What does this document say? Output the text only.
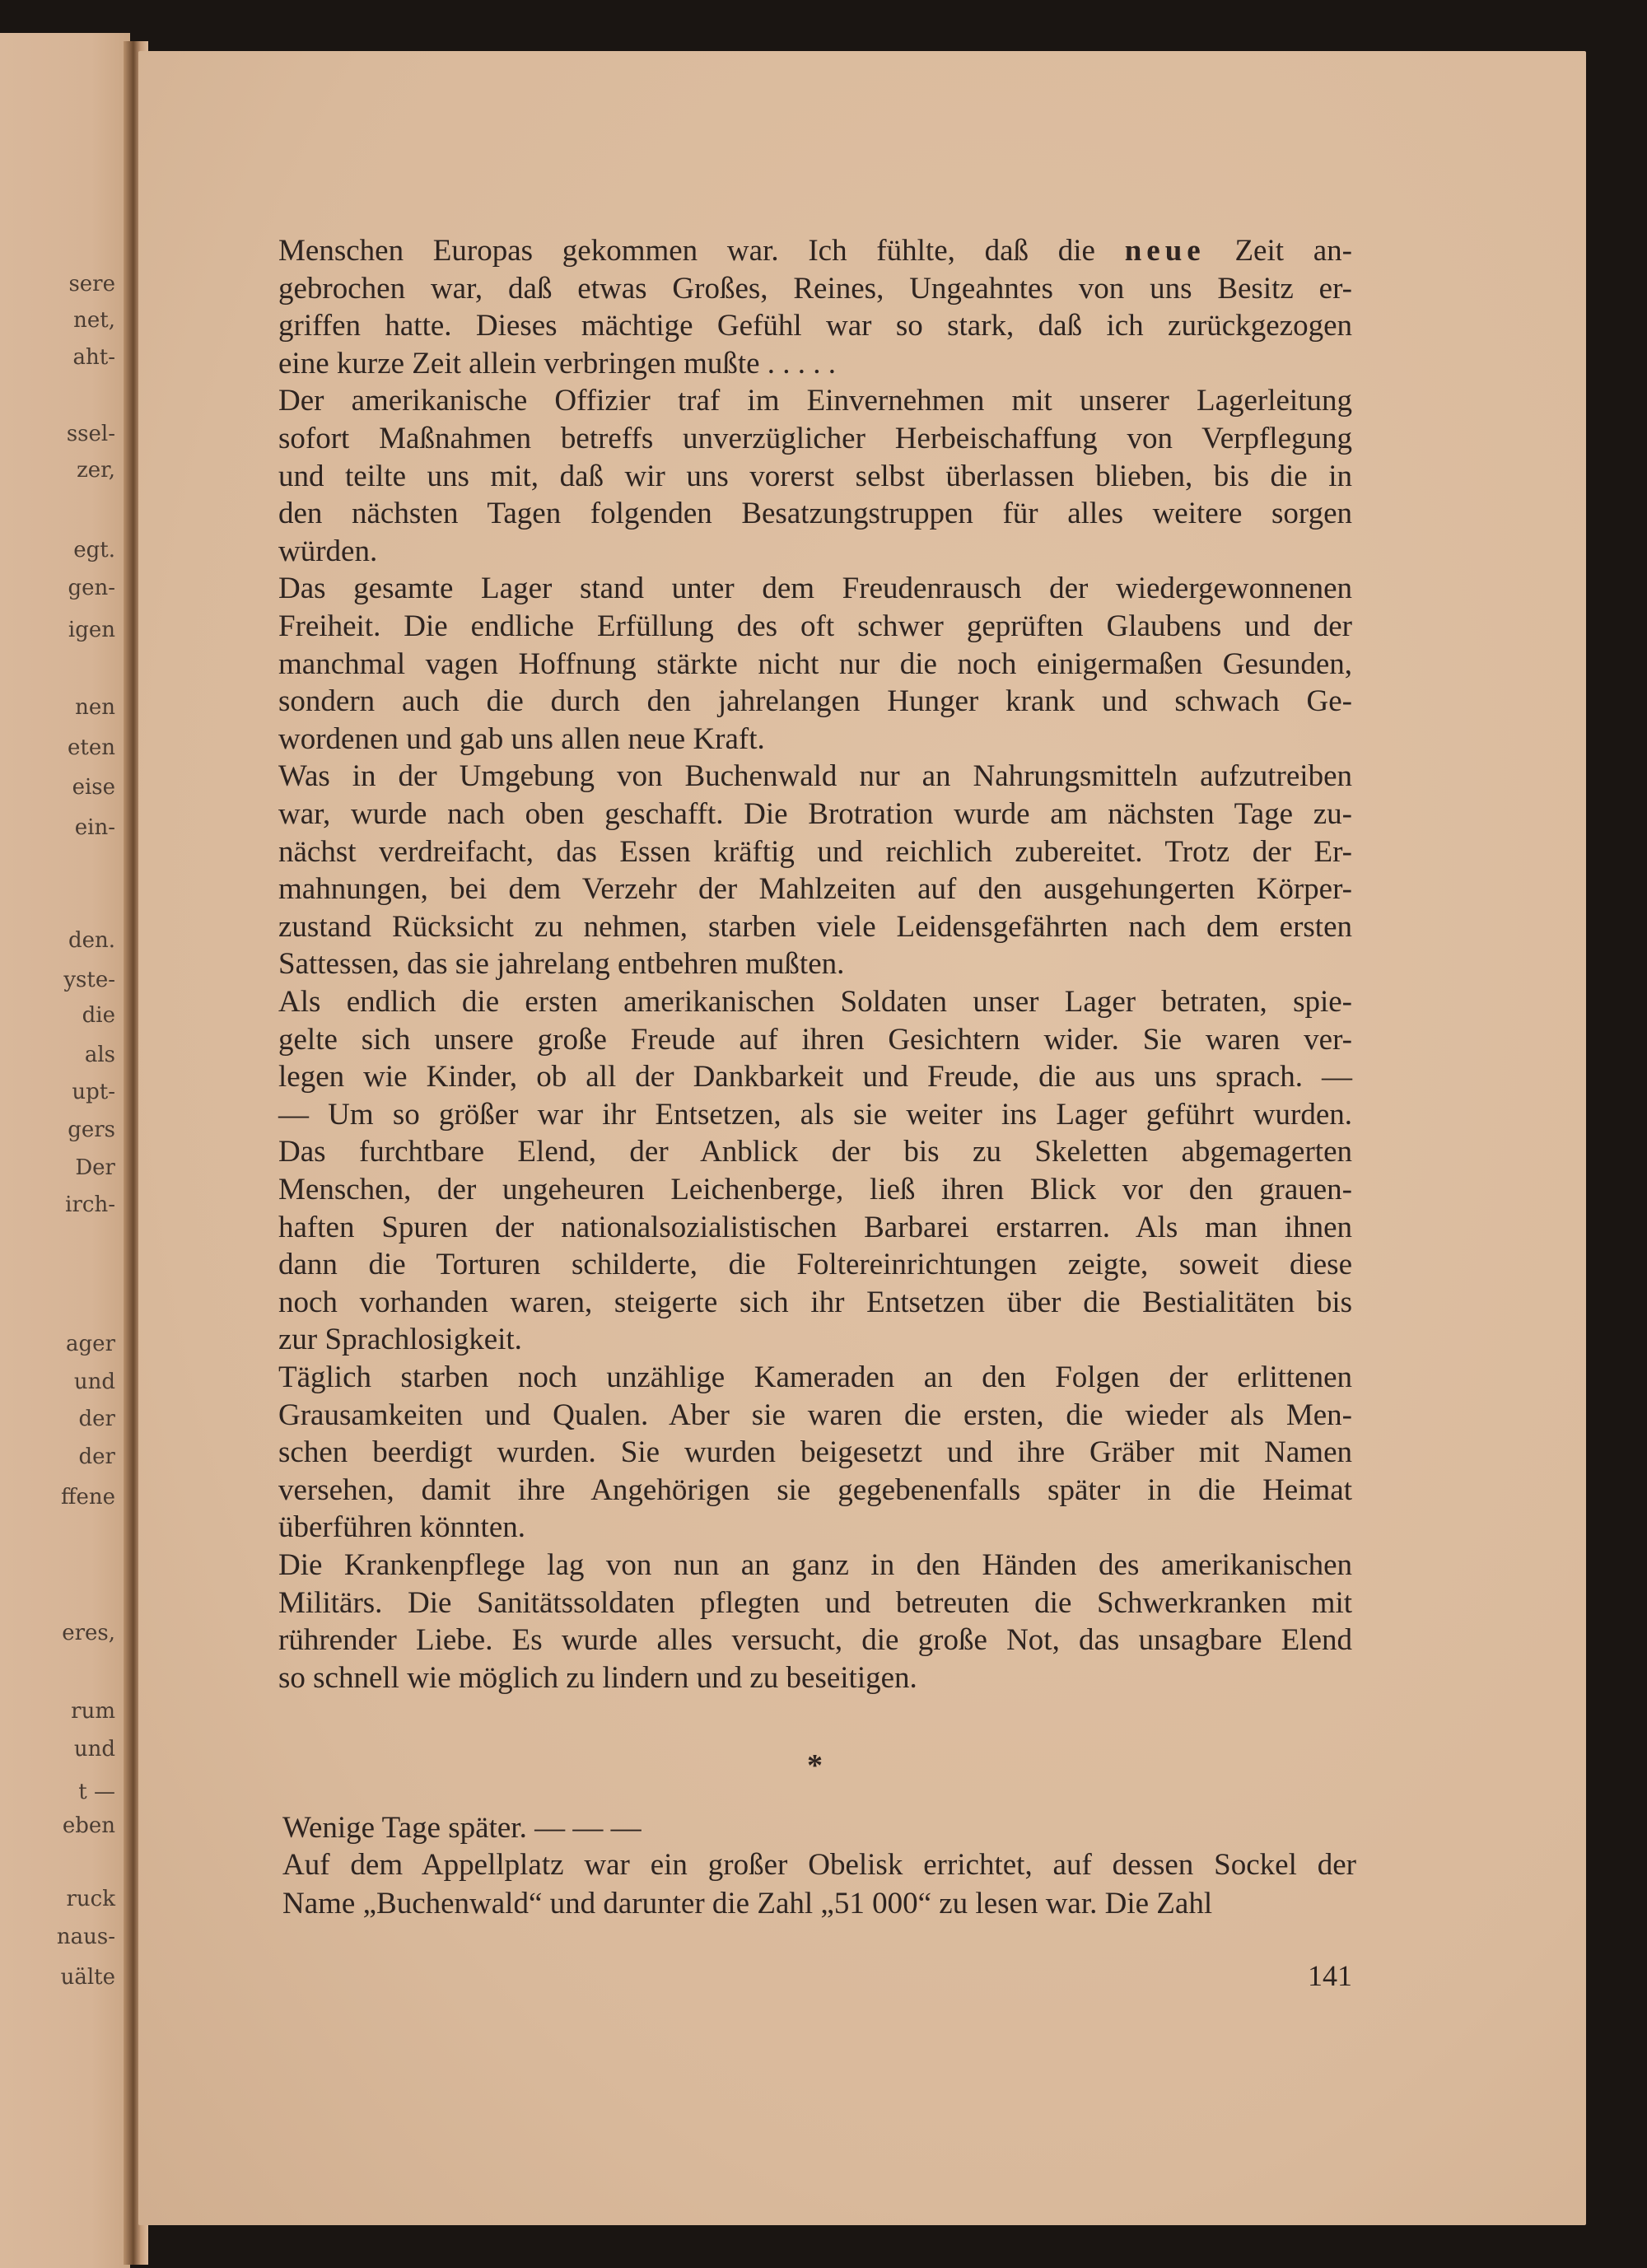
sere
net,
aht-
ssel-
zer,
egt.
gen-
igen
nen
eten
eise
ein-
den.
yste-
die
als
upt-
gers
Der
irch-
ager
und
der
der
ffene
eres,
rum
und
t —
eben
ruck
naus-
uälte
Menschen Europas gekommen war. Ich fühlte, daß die neue Zeit an-
gebrochen war, daß etwas Großes, Reines, Ungeahntes von uns Besitz er-
griffen hatte. Dieses mächtige Gefühl war so stark, daß ich zurückgezogen
eine kurze Zeit allein verbringen mußte . . . . .
Der amerikanische Offizier traf im Einvernehmen mit unserer Lagerleitung
sofort Maßnahmen betreffs unverzüglicher Herbeischaffung von Verpflegung
und teilte uns mit, daß wir uns vorerst selbst überlassen blieben, bis die in
den nächsten Tagen folgenden Besatzungstruppen für alles weitere sorgen
würden.
Das gesamte Lager stand unter dem Freudenrausch der wiedergewonnenen
Freiheit. Die endliche Erfüllung des oft schwer geprüften Glaubens und der
manchmal vagen Hoffnung stärkte nicht nur die noch einigermaßen Gesunden,
sondern auch die durch den jahrelangen Hunger krank und schwach Ge-
wordenen und gab uns allen neue Kraft.
Was in der Umgebung von Buchenwald nur an Nahrungsmitteln aufzutreiben
war, wurde nach oben geschafft. Die Brotration wurde am nächsten Tage zu-
nächst verdreifacht, das Essen kräftig und reichlich zubereitet. Trotz der Er-
mahnungen, bei dem Verzehr der Mahlzeiten auf den ausgehungerten Körper-
zustand Rücksicht zu nehmen, starben viele Leidensgefährten nach dem ersten
Sattessen, das sie jahrelang entbehren mußten.
Als endlich die ersten amerikanischen Soldaten unser Lager betraten, spie-
gelte sich unsere große Freude auf ihren Gesichtern wider. Sie waren ver-
legen wie Kinder, ob all der Dankbarkeit und Freude, die aus uns sprach. —
— Um so größer war ihr Entsetzen, als sie weiter ins Lager geführt wurden.
Das furchtbare Elend, der Anblick der bis zu Skeletten abgemagerten
Menschen, der ungeheuren Leichenberge, ließ ihren Blick vor den grauen-
haften Spuren der nationalsozialistischen Barbarei erstarren. Als man ihnen
dann die Torturen schilderte, die Foltereinrichtungen zeigte, soweit diese
noch vorhanden waren, steigerte sich ihr Entsetzen über die Bestialitäten bis
zur Sprachlosigkeit.
Täglich starben noch unzählige Kameraden an den Folgen der erlittenen
Grausamkeiten und Qualen. Aber sie waren die ersten, die wieder als Men-
schen beerdigt wurden. Sie wurden beigesetzt und ihre Gräber mit Namen
versehen, damit ihre Angehörigen sie gegebenenfalls später in die Heimat
überführen könnten.
Die Krankenpflege lag von nun an ganz in den Händen des amerikanischen
Militärs. Die Sanitätssoldaten pflegten und betreuten die Schwerkranken mit
rührender Liebe. Es wurde alles versucht, die große Not, das unsagbare Elend
so schnell wie möglich zu lindern und zu beseitigen.
*
Wenige Tage später. — — —
Auf dem Appellplatz war ein großer Obelisk errichtet, auf dessen Sockel der
Name „Buchenwald“ und darunter die Zahl „51 000“ zu lesen war. Die Zahl
141
